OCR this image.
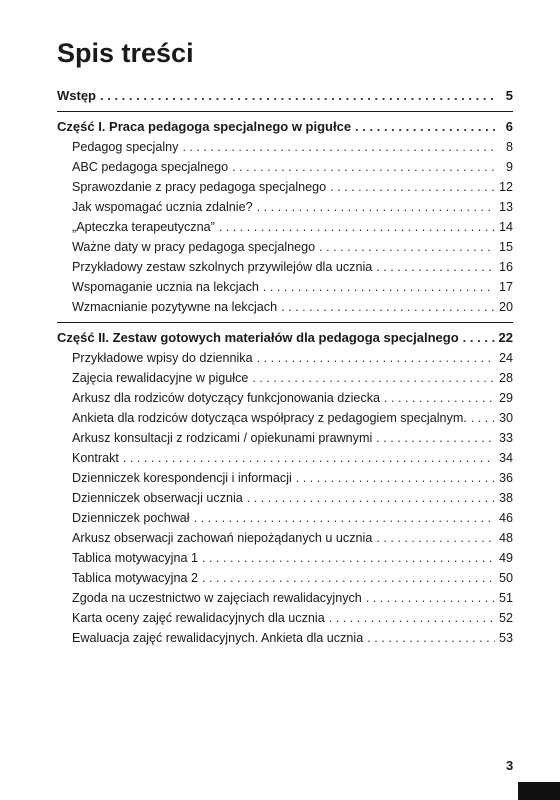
Spis treści
Wstęp . . .	5
Część I. Praca pedagoga specjalnego w pigułce . . .	6
Pedagog specjalny . . .	8
ABC pedagoga specjalnego . . .	9
Sprawozdanie z pracy pedagoga specjalnego . . .	12
Jak wspomagać ucznia zdalnie? . . .	13
„Apteczka terapeutyczna” . . .	14
Ważne daty w pracy pedagoga specjalnego . . .	15
Przykładowy zestaw szkolnych przywilejów dla ucznia . . .	16
Wspomaganie ucznia na lekcjach . . .	17
Wzmacnianie pozytywne na lekcjach . . .	20
Część II. Zestaw gotowych materiałów dla pedagoga specjalnego . . .	22
Przykładowe wpisy do dziennika . . .	24
Zajęcia rewalidacyjne w pigułce . . .	28
Arkusz dla rodziców dotyczący funkcjonowania dziecka . . .	29
Ankieta dla rodziców dotycząca współpracy z pedagogiem specjalnym. . . .	30
Arkusz konsultacji z rodzicami / opiekunami prawnymi . . .	33
Kontrakt . . .	34
Dzienniczek korespondencji i informacji . . .	36
Dzienniczek obserwacji ucznia . . .	38
Dzienniczek pochwał . . .	46
Arkusz obserwacji zachowań niepożądanych u ucznia . . .	48
Tablica motywacyjna 1 . . .	49
Tablica motywacyjna 2 . . .	50
Zgoda na uczestnictwo w zajęciach rewalidacyjnych . . .	51
Karta oceny zajęć rewalidacyjnych dla ucznia . . .	52
Ewaluacja zajęć rewalidacyjnych. Ankieta dla ucznia . . .	53
3
